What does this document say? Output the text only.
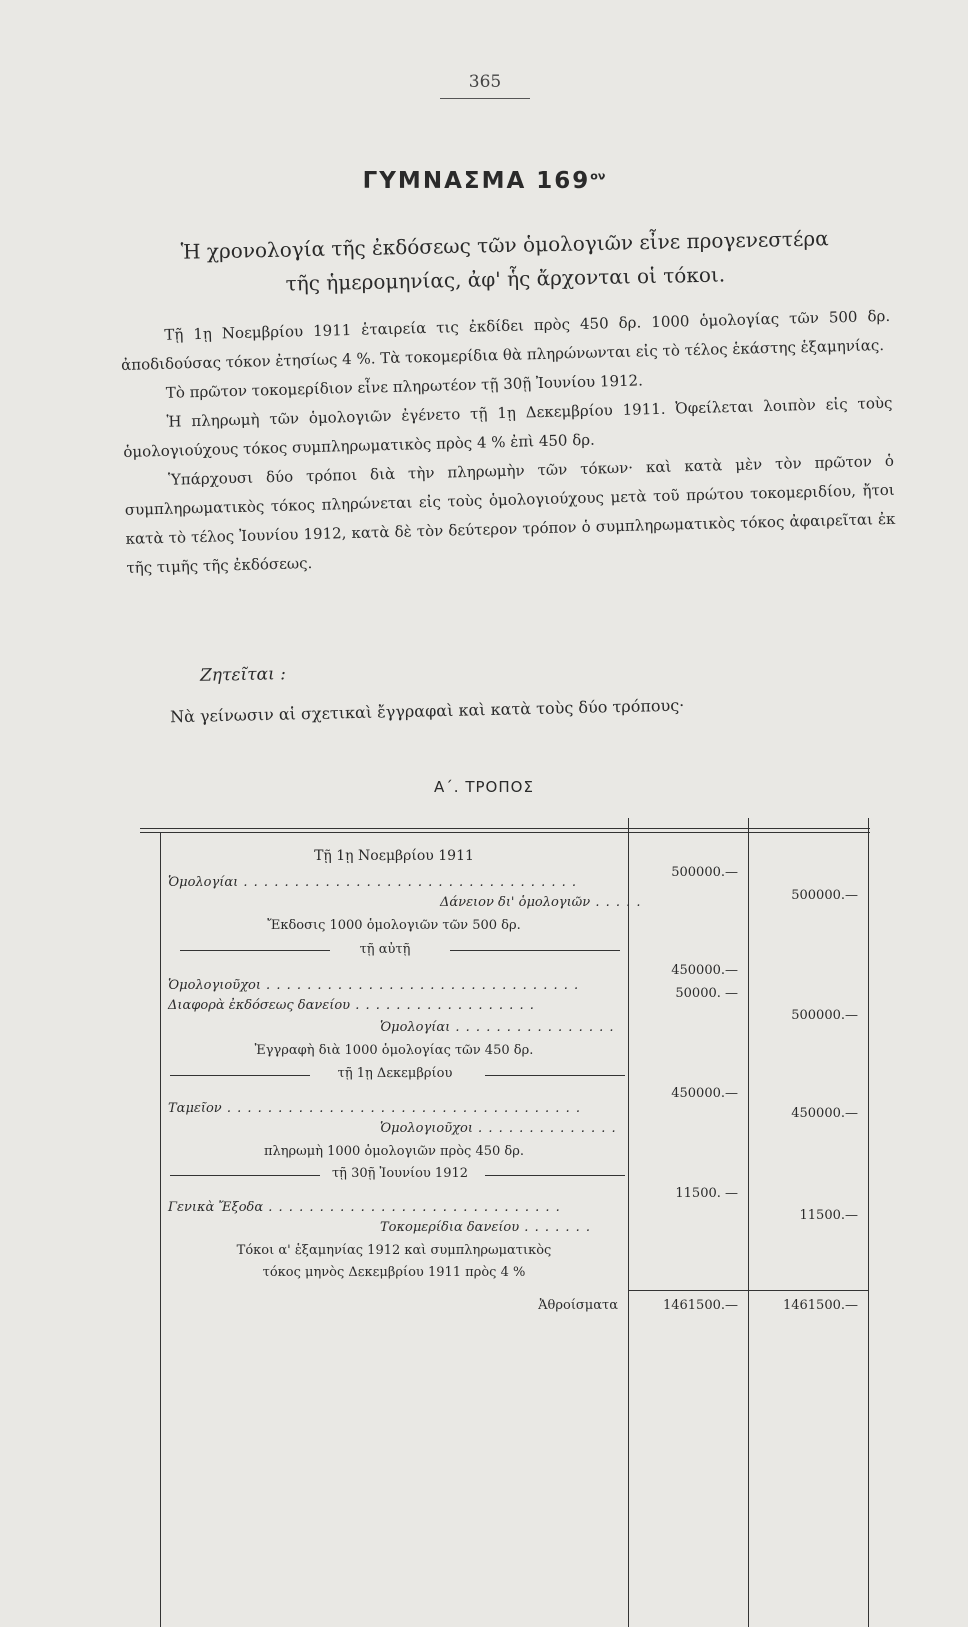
365
ΓΥΜΝΑΣΜΑ $169^{o\nu}$
Ἡ χρονολογία τῆς ἐκδόσεως τῶν ὁμολογιῶν εἶνε προγενεστέρα
τῆς ἡμερομηνίας, ἀφ' ἧς ἄρχονται οἱ τόκοι.

Τῇ 1ῃ Νοεμβρίου 1911 ἑταιρεία τις ἐκδίδει πρὸς 450 δρ. 1000 ὁμολογίας τῶν 500 δρ. ἀποδιδούσας τόκον ἐτησίως 4 %. Τὰ τοκομερίδια θὰ πληρώνωνται εἰς τὸ τέλος ἑκάστης ἑξαμηνίας.

Τὸ πρῶτον τοκομερίδιον εἶνε πληρωτέον τῇ 30ῇ Ἰουνίου 1912.

Ἡ πληρωμὴ τῶν ὁμολογιῶν ἐγένετο τῇ 1ῃ Δεκεμβρίου 1911. Ὀφείλεται λοιπὸν εἰς τοὺς ὁμολογιούχους τόκος συμπληρωματικὸς πρὸς 4 % ἐπὶ 450 δρ.

Ὑπάρχουσι δύο τρόποι διὰ τὴν πληρωμὴν τῶν τόκων· καὶ κατὰ μὲν τὸν πρῶτον ὁ συμπληρωματικὸς τόκος πληρώνεται εἰς τοὺς ὁμολογιούχους μετὰ τοῦ πρώτου τοκομεριδίου, ἤτοι κατὰ τὸ τέλος Ἰουνίου 1912, κατὰ δὲ τὸν δεύτερον τρόπον ὁ συμπληρωματικὸς τόκος ἀφαιρεῖται ἐκ τῆς τιμῆς τῆς ἐκδόσεως.

Ζητεῖται :
Νὰ γείνωσιν αἱ σχετικαὶ ἔγγραφαὶ καὶ κατὰ τοὺς δύο τρόπους·
Α΄. ΤΡΟΠΟΣ
Τῇ 1ῃ Νοεμβρίου 1911
Ὁμολογίαι . . . . . . . . . . . . . . . . . . . . . . . . . . . . . . . . .
Δάνειον δι' ὁμολογιῶν . . . . .
Ἔκδοσις 1000 ὁμολογιῶν τῶν 500 δρ.
500000.—
500000.—
τῇ αὐτῇ
Ὁμολογιοῦχοι . . . . . . . . . . . . . . . . . . . . . . . . . . . . . . .
Διαφορὰ ἐκδόσεως δανείου . . . . . . . . . . . . . . . . . .
Ὁμολογίαι . . . . . . . . . . . . . . . .
Ἐγγραφὴ διὰ 1000 ὁμολογίας τῶν 450 δρ.
450000.—
50000. —
500000.—
τῇ 1ῃ Δεκεμβρίου
Ταμεῖον . . . . . . . . . . . . . . . . . . . . . . . . . . . . . . . . . . .
Ὁμολογιοῦχοι . . . . . . . . . . . . . .
πληρωμὴ 1000 ὁμολογιῶν πρὸς 450 δρ.
450000.—
450000.—
τῇ 30ῇ Ἰουνίου 1912
Γενικὰ Ἔξοδα . . . . . . . . . . . . . . . . . . . . . . . . . . . . .
Τοκομερίδια δανείου . . . . . . .
Τόκοι α' ἑξαμηνίας 1912 καὶ συμπληρωματικὸς
τόκος μηνὸς Δεκεμβρίου 1911 πρὸς 4 %
11500. —
11500.—
Ἀθροίσματα	1461500.—	1461500.—
